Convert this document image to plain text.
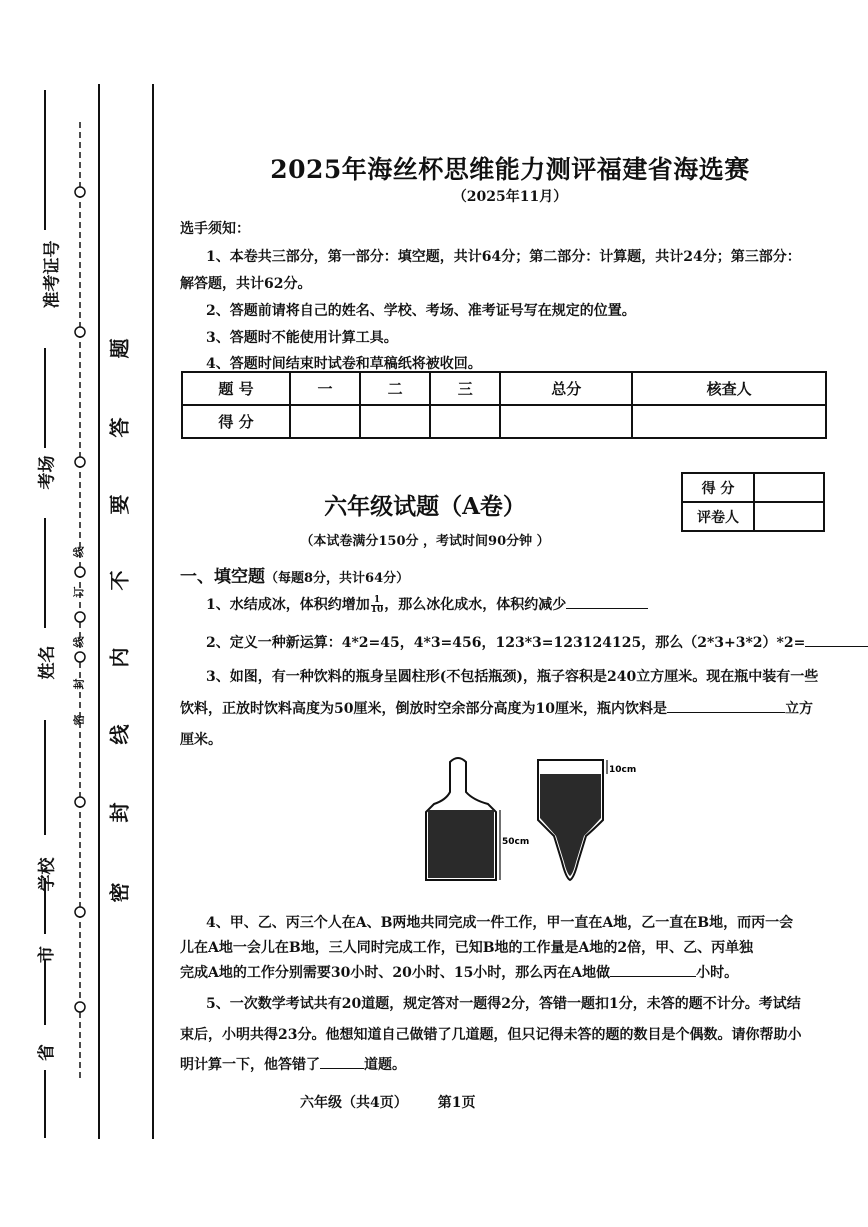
准考证号
考场
姓名
学校
市
省
密
封
线
订
线
密
封
线
内
不
要
答
题
2025年海丝杯思维能力测评福建省海选赛
（2025年11月）
选手须知：
1、本卷共三部分，第一部分：填空题，共计64分；第二部分：计算题，共计24分；第三部分：
解答题，共计62分。
2、答题前请将自己的姓名、学校、考场、准考证号写在规定的位置。
3、答题时不能使用计算工具。
4、答题时间结束时试卷和草稿纸将被收回。
题 号	一	二	三	总分	核查人
得 分					
六年级试题（A卷）
（本试卷满分150分 ，考试时间90分钟 ）
得 分	
评卷人	
一、填空题（每题8分，共计64分）
1、水结成冰，体积约增加 $\frac{1}{10}$ ，那么冰化成水，体积约减少
2、定义一种新运算：4*2=45，4*3=456，123*3=123124125，那么（2*3+3*2）*2=
3、如图，有一种饮料的瓶身呈圆柱形(不包括瓶颈)，瓶子容积是240立方厘米。现在瓶中装有一些
饮料，正放时饮料高度为50厘米，倒放时空余部分高度为10厘米，瓶内饮料是	立方
厘米。
50cm
10cm
4、甲、乙、丙三个人在A、B两地共同完成一件工作，甲一直在A地，乙一直在B地，而丙一会
儿在A地一会儿在B地，三人同时完成工作，已知B地的工作量是A地的2倍，甲、乙、丙单独
完成A地的工作分别需要30小时、20小时、15小时，那么丙在A地做	小时。
5、一次数学考试共有20道题，规定答对一题得2分，答错一题扣1分，未答的题不计分。考试结
束后，小明共得23分。他想知道自己做错了几道题，但只记得未答的题的数目是个偶数。请你帮助小
明计算一下，他答错了	道题。
六年级（共4页） 第1页
